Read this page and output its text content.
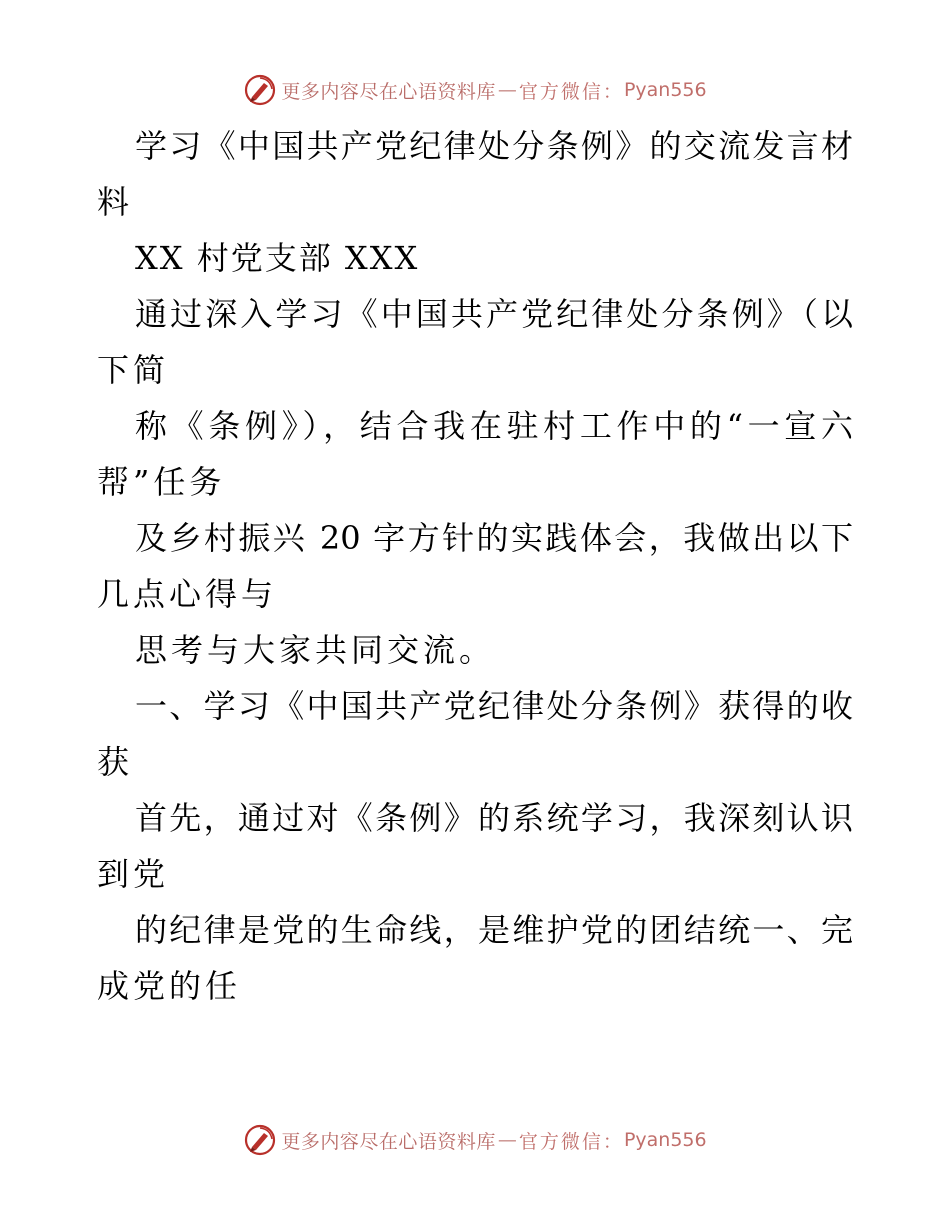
更多内容尽在心语资料库 — 官方微信： Pyan556
学习《中国共产党纪律处分条例》的交流发言材
料
XX 村党支部 XXX
通过深入学习《中国共产党纪律处分条例》（以
下简
称《条例》），结合我在驻村工作中的“一宣六
帮”任务
及乡村振兴 20 字方针的实践体会，我做出以下
几点心得与
思考与大家共同交流。
一、学习《中国共产党纪律处分条例》获得的收
获
首先，通过对《条例》的系统学习，我深刻认识
到党
的纪律是党的生命线，是维护党的团结统一、完
成党的任
更多内容尽在心语资料库 — 官方微信： Pyan556
